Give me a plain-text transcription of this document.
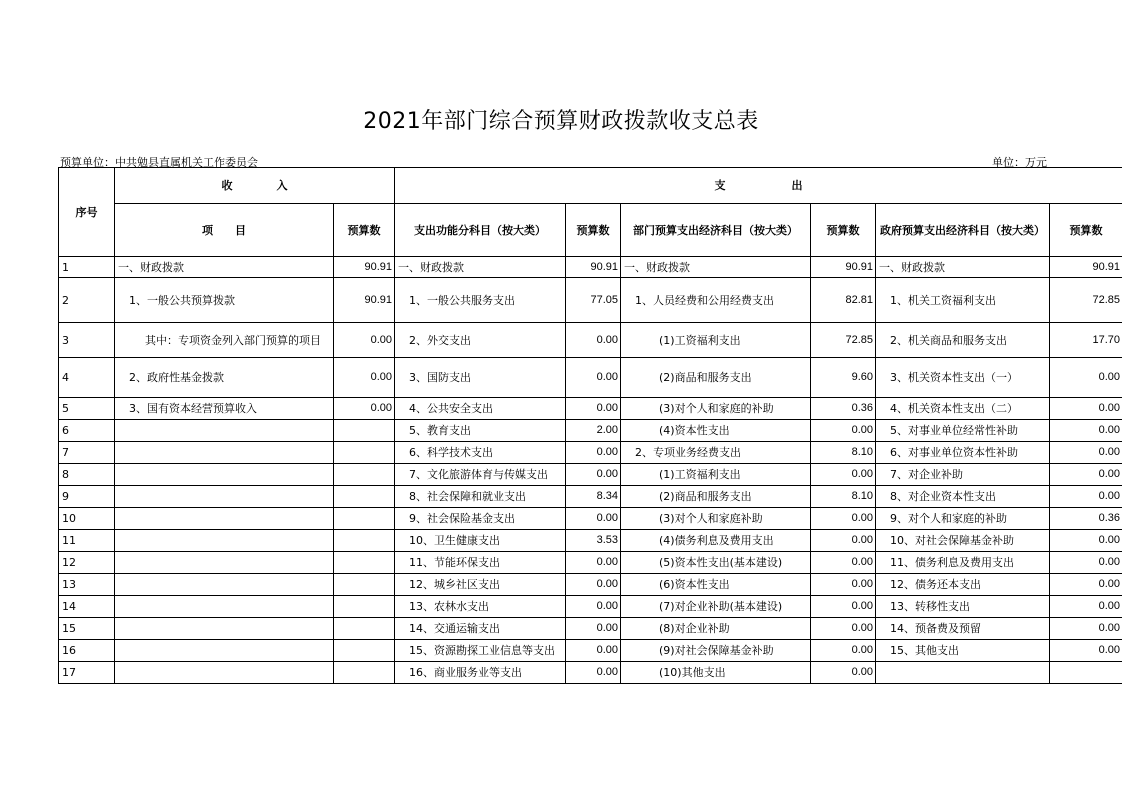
2021年部门综合预算财政拨款收支总表
预算单位：中共勉县直属机关工作委员会	单位：万元
序号	收　　　　入		支　　　　　　出					
	项　　目	预算数	支出功能分科目（按大类）	预算数	部门预算支出经济科目（按大类）	预算数	政府预算支出经济科目（按大类）	预算数
1	一、财政拨款	90.91	一、财政拨款	90.91	一、财政拨款	90.91	一、财政拨款	90.91
2	1、一般公共预算拨款	90.91	1、一般公共服务支出	77.05	1、人员经费和公用经费支出	82.81	1、机关工资福利支出	72.85
3	其中：专项资金列入部门预算的项目	0.00	2、外交支出	0.00	(1)工资福利支出	72.85	2、机关商品和服务支出	17.70
4	2、政府性基金拨款	0.00	3、国防支出	0.00	(2)商品和服务支出	9.60	3、机关资本性支出（一）	0.00
5	3、国有资本经营预算收入	0.00	4、公共安全支出	0.00	(3)对个人和家庭的补助	0.36	4、机关资本性支出（二）	0.00
6			5、教育支出	2.00	(4)资本性支出	0.00	5、对事业单位经常性补助	0.00
7			6、科学技术支出	0.00	2、专项业务经费支出	8.10	6、对事业单位资本性补助	0.00
8			7、文化旅游体育与传媒支出	0.00	(1)工资福利支出	0.00	7、对企业补助	0.00
9			8、社会保障和就业支出	8.34	(2)商品和服务支出	8.10	8、对企业资本性支出	0.00
10			9、社会保险基金支出	0.00	(3)对个人和家庭补助	0.00	9、对个人和家庭的补助	0.36
11			10、卫生健康支出	3.53	(4)债务利息及费用支出	0.00	10、对社会保障基金补助	0.00
12			11、节能环保支出	0.00	(5)资本性支出(基本建设)	0.00	11、债务利息及费用支出	0.00
13			12、城乡社区支出	0.00	(6)资本性支出	0.00	12、债务还本支出	0.00
14			13、农林水支出	0.00	(7)对企业补助(基本建设)	0.00	13、转移性支出	0.00
15			14、交通运输支出	0.00	(8)对企业补助	0.00	14、预备费及预留	0.00
16			15、资源勘探工业信息等支出	0.00	(9)对社会保障基金补助	0.00	15、其他支出	0.00
17			16、商业服务业等支出	0.00	(10)其他支出	0.00		
